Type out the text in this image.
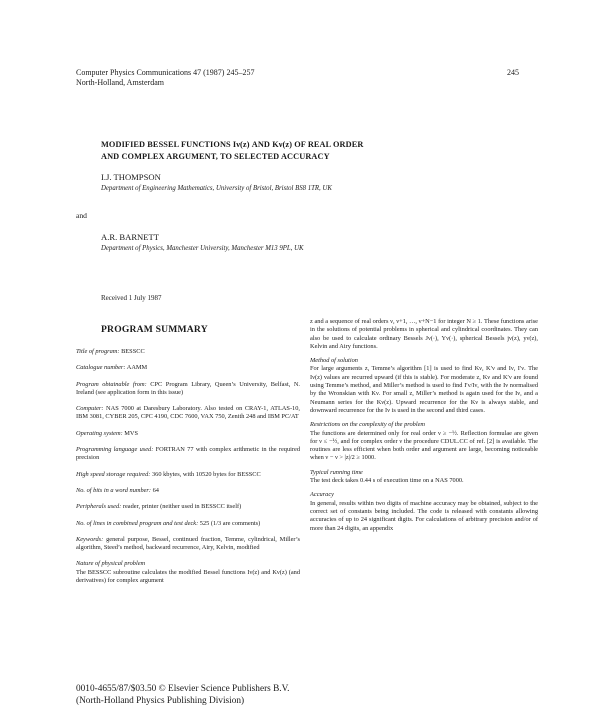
Computer Physics Communications 47 (1987) 245–257
North-Holland, Amsterdam
245
MODIFIED BESSEL FUNCTIONS Iν(z) AND Kν(z) OF REAL ORDER
AND COMPLEX ARGUMENT, TO SELECTED ACCURACY
I.J. THOMPSON
Department of Engineering Mathematics, University of Bristol, Bristol BS8 1TR, UK
and
A.R. BARNETT
Department of Physics, Manchester University, Manchester M13 9PL, UK
Received 1 July 1987
PROGRAM SUMMARY

Title of program: BESSCC

Catalogue number: AAMM

Program obtainable from: CPC Program Library, Queen’s University, Belfast, N. Ireland (see application form in this issue)

Computer: NAS 7000 at Daresbury Laboratory. Also tested on CRAY-1, ATLAS-10, IBM 3081, CYBER 205, CPC 4190, CDC 7600, VAX 750, Zenith 248 and IBM PC/AT

Operating system: MVS

Programming language used: FORTRAN 77 with complex arithmetic in the required precision

High speed storage required: 360 kbytes, with 10520 bytes for BESSCC

No. of bits in a word number: 64

Peripherals used: reader, printer (neither used in BESSCC itself)

No. of lines in combined program and test deck: 525 (1/3 are comments)

Keywords: general purpose, Bessel, continued fraction, Temme, cylindrical, Miller’s algorithm, Steed’s method, backward recurrence, Airy, Kelvin, modified

Nature of physical problem
The BESSCC subroutine calculates the modified Bessel functions Iν(z) and Kν(z) (and derivatives) for complex argument
z and a sequence of real orders ν, ν+1, …, ν+N−1 for integer N ≥ 1. These functions arise in the solutions of potential problems in spherical and cylindrical coordinates. They can also be used to calculate ordinary Bessels Jν(·), Yν(·), spherical Bessels jν(z), yν(z), Kelvin and Airy functions.
Method of solution
For large arguments z, Temme’s algorithm [1] is used to find Kν, K′ν and Iν, I′ν. The Iν(z) values are recurred upward (if this is stable). For moderate z, Kν and K′ν are found using Temme’s method, and Miller’s method is used to find I′ν/Iν, with the Iν normalised by the Wronskian with Kν. For small z, Miller’s method is again used for the Iν, and a Neumann series for the Kν(z). Upward recurrence for the Kν is always stable, and downward recurrence for the Iν is used in the second and third cases.
Restrictions on the complexity of the problem
The functions are determined only for real order ν ≥ −½. Reflection formulae are given for ν ≤ −½, and for complex order ν the procedure CDUL.CC of ref. [2] is available. The routines are less efficient when both order and argument are large, becoming noticeable when ν − ν > |z|/2 ≥ 1000.
Typical running time
The test deck takes 0.44 s of execution time on a NAS 7000.
Accuracy
In general, results within two digits of machine accuracy may be obtained, subject to the correct set of constants being included. The code is released with constants allowing accuracies of up to 24 significant digits. For calculations of arbitrary precision and/or of more than 24 digits, an appendix
0010-4655/87/$03.50 © Elsevier Science Publishers B.V.
(North-Holland Physics Publishing Division)
